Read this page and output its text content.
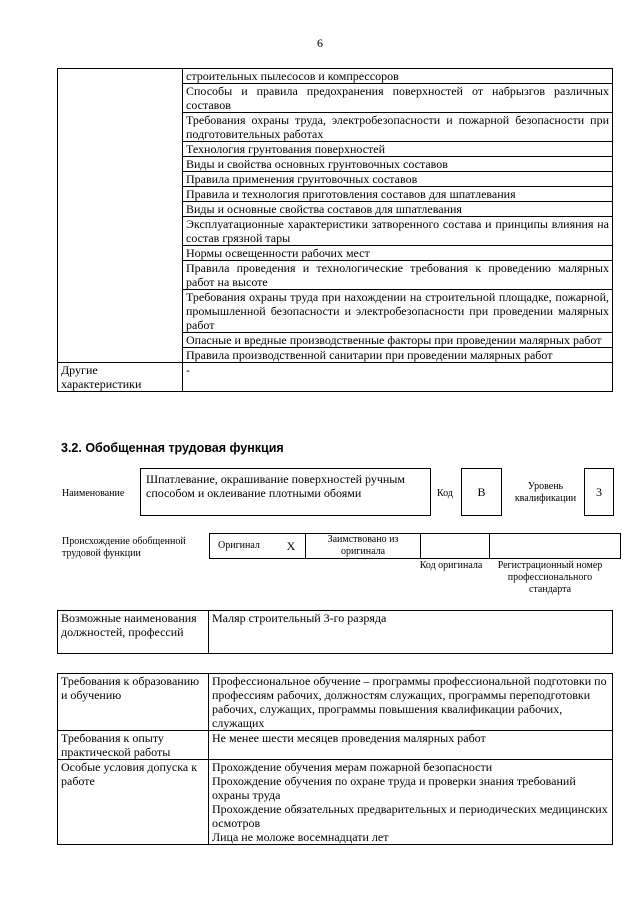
6
	строительных пылесосов и компрессоров
	Способы и правила предохранения поверхностей от набрызгов различных составов
	Требования охраны труда, электробезопасности и пожарной безопасности при подготовительных работах
	Технология грунтования поверхностей
	Виды и свойства основных грунтовочных составов
	Правила применения грунтовочных составов
	Правила и технология приготовления составов для шпатлевания
	Виды и основные свойства составов для шпатлевания
	Эксплуатационные характеристики затворенного состава и принципы влияния на состав грязной тары
	Нормы освещенности рабочих мест
	Правила проведения и технологические требования к проведению малярных работ на высоте
	Требования охраны труда при нахождении на строительной площадке, пожарной, промышленной безопасности и электробезопасности при проведении малярных работ
	Опасные и вредные производственные факторы при проведении малярных работ
	Правила производственной санитарии при проведении малярных работ
Другие характеристики	-
3.2. Обобщенная трудовая функция
Наименование
Шпатлевание, окрашивание поверхностей ручным способом и оклеивание плотными обоями	Код	В	Уровень квалификации	3
Происхождение обобщенной трудовой функции
Оригинал	X	Заимствовано из оригинала		
Код оригинала	Регистрационный номер профессионального стандарта
Возможные наименования должностей, профессий	Маляр строительный 3-го разряда
Требования к образованию и обучению	Профессиональное обучение – программы профессиональной подготовки по профессиям рабочих, должностям служащих, программы переподготовки рабочих, служащих, программы повышения квалификации рабочих, служащих

Требования к опыту практической работы	Не менее шести месяцев проведения малярных работ

Особые условия допуска к работе	Прохождение обучения мерам пожарной безопасности
Прохождение обучения по охране труда и проверки знания требований охраны труда
Прохождение обязательных предварительных и периодических медицинских осмотров
Лица не моложе восемнадцати лет
